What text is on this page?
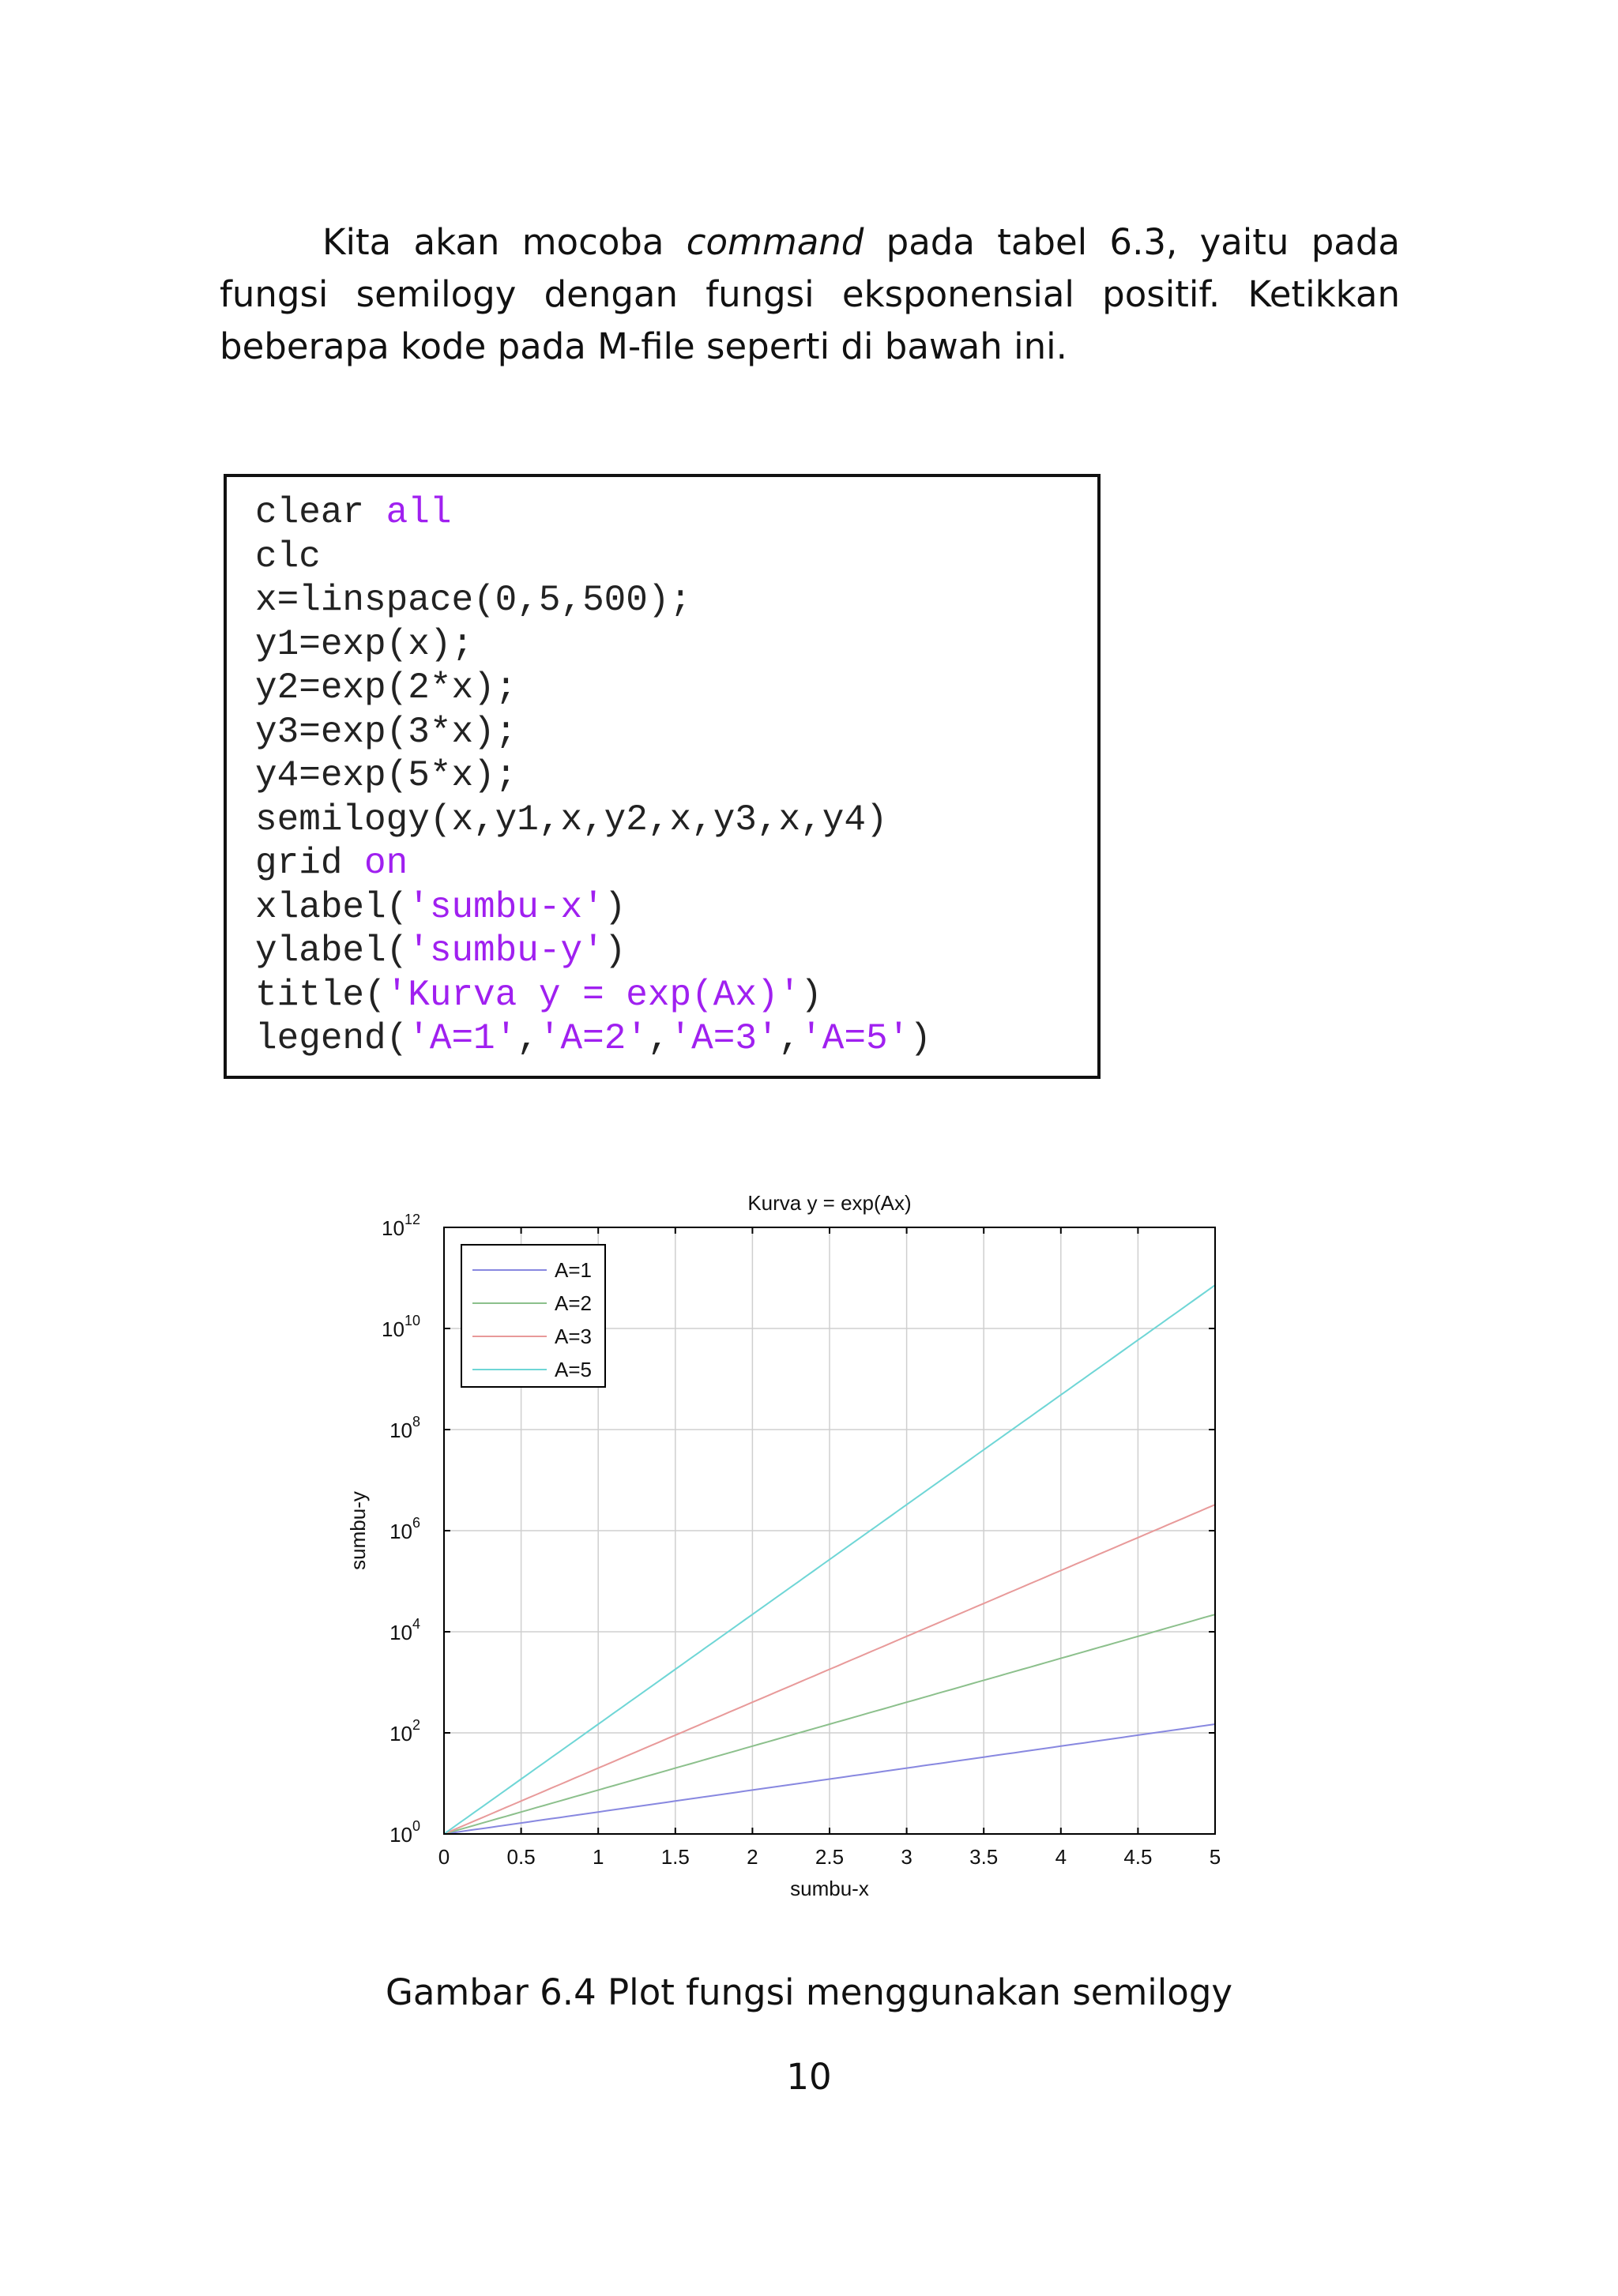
Kita akan mocoba command pada tabel 6.3, yaitu pada fungsi semilogy dengan fungsi eksponensial positif. Ketikkan beberapa kode pada M-file seperti di bawah ini.

clear all
clc
x=linspace(0,5,500);
y1=exp(x);
y2=exp(2*x);
y3=exp(3*x);
y4=exp(5*x);
semilogy(x,y1,x,y2,x,y3,x,y4)
grid on
xlabel('sumbu-x')
ylabel('sumbu-y')
title('Kurva y = exp(Ax)')
legend('A=1','A=2','A=3','A=5')
0	0.5	1	1.5	2	2.5	3	3.5	4	4.5	5
$10^0$
$10^2$
$10^4$
$10^6$
$10^8$
$10^{10}$
$10^{12}$
Kurva y = exp(Ax)
sumbu-x
sumbu-y
A=1
A=2
A=3
A=5
Gambar 6.4 Plot fungsi menggunakan semilogy
10
